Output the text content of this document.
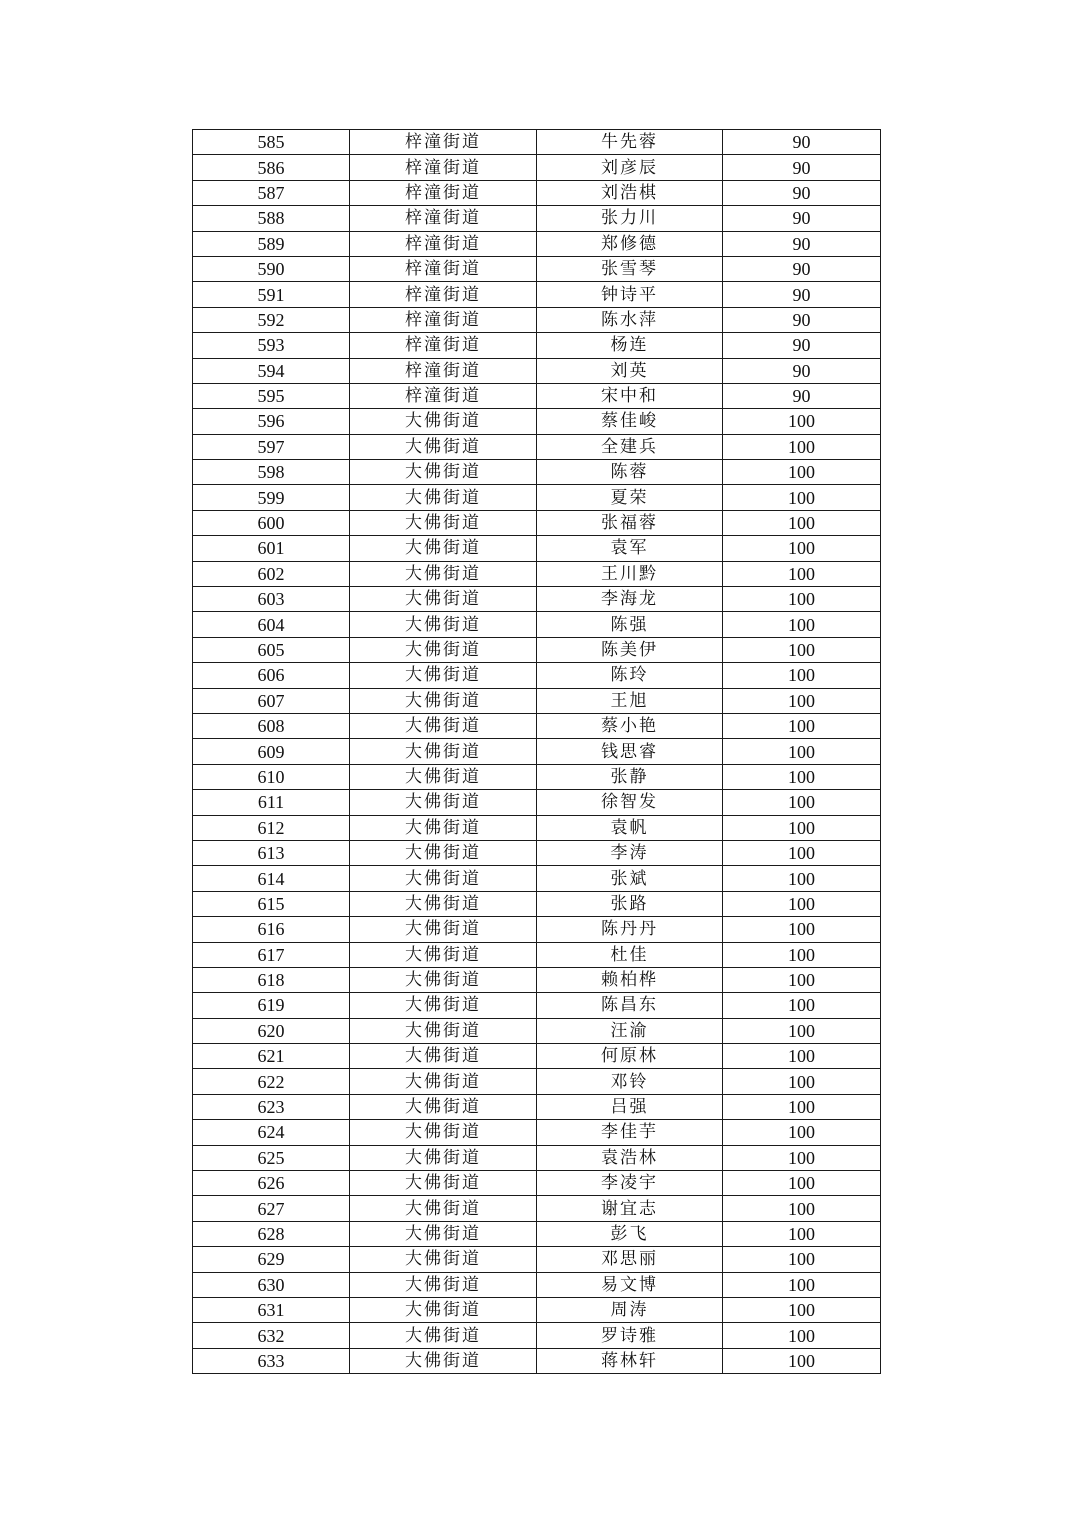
585	梓潼街道	牛先蓉	90
586	梓潼街道	刘彦辰	90
587	梓潼街道	刘浩棋	90
588	梓潼街道	张力川	90
589	梓潼街道	郑修德	90
590	梓潼街道	张雪琴	90
591	梓潼街道	钟诗平	90
592	梓潼街道	陈水萍	90
593	梓潼街道	杨连	90
594	梓潼街道	刘英	90
595	梓潼街道	宋中和	90
596	大佛街道	蔡佳峻	100
597	大佛街道	全建兵	100
598	大佛街道	陈蓉	100
599	大佛街道	夏荣	100
600	大佛街道	张福蓉	100
601	大佛街道	袁军	100
602	大佛街道	王川黔	100
603	大佛街道	李海龙	100
604	大佛街道	陈强	100
605	大佛街道	陈美伊	100
606	大佛街道	陈玲	100
607	大佛街道	王旭	100
608	大佛街道	蔡小艳	100
609	大佛街道	钱思睿	100
610	大佛街道	张静	100
611	大佛街道	徐智发	100
612	大佛街道	袁帆	100
613	大佛街道	李涛	100
614	大佛街道	张斌	100
615	大佛街道	张路	100
616	大佛街道	陈丹丹	100
617	大佛街道	杜佳	100
618	大佛街道	赖柏桦	100
619	大佛街道	陈昌东	100
620	大佛街道	汪渝	100
621	大佛街道	何原林	100
622	大佛街道	邓铃	100
623	大佛街道	吕强	100
624	大佛街道	李佳芋	100
625	大佛街道	袁浩林	100
626	大佛街道	李凌宇	100
627	大佛街道	谢宜志	100
628	大佛街道	彭飞	100
629	大佛街道	邓思丽	100
630	大佛街道	易文博	100
631	大佛街道	周涛	100
632	大佛街道	罗诗雅	100
633	大佛街道	蒋林轩	100
